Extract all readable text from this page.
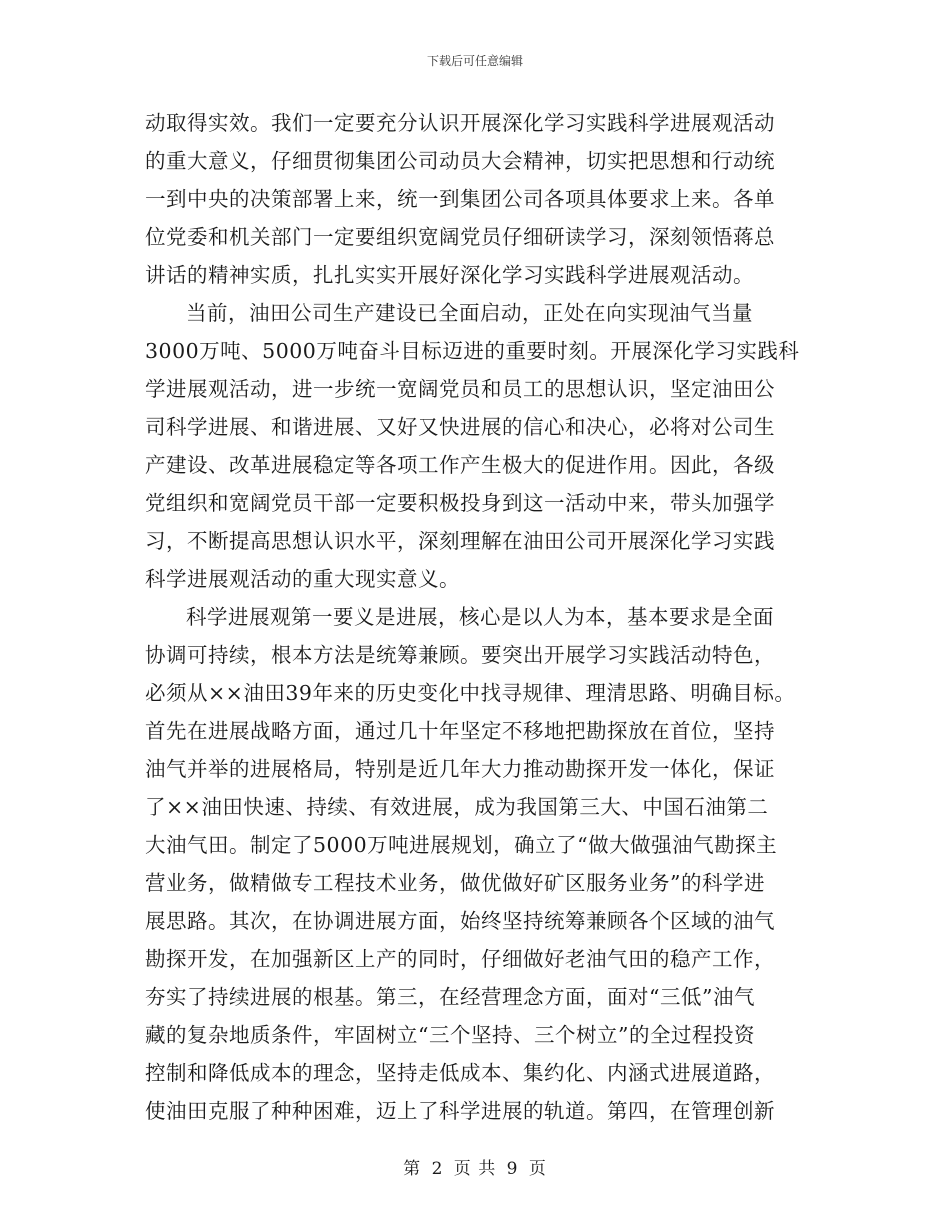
下载后可任意编辑
动取得实效。我们一定要充分认识开展深化学习实践科学进展观活动
的重大意义，仔细贯彻集团公司动员大会精神，切实把思想和行动统
一到中央的决策部署上来，统一到集团公司各项具体要求上来。各单
位党委和机关部门一定要组织宽阔党员仔细研读学习，深刻领悟蒋总
讲话的精神实质，扎扎实实开展好深化学习实践科学进展观活动。
当前，油田公司生产建设已全面启动，正处在向实现油气当量
3000万吨、5000万吨奋斗目标迈进的重要时刻。开展深化学习实践科
学进展观活动，进一步统一宽阔党员和员工的思想认识，坚定油田公
司科学进展、和谐进展、又好又快进展的信心和决心，必将对公司生
产建设、改革进展稳定等各项工作产生极大的促进作用。因此，各级
党组织和宽阔党员干部一定要积极投身到这一活动中来，带头加强学
习，不断提高思想认识水平，深刻理解在油田公司开展深化学习实践
科学进展观活动的重大现实意义。
科学进展观第一要义是进展，核心是以人为本，基本要求是全面
协调可持续，根本方法是统筹兼顾。要突出开展学习实践活动特色，
必须从××油田39年来的历史变化中找寻规律、理清思路、明确目标。
首先在进展战略方面，通过几十年坚定不移地把勘探放在首位，坚持
油气并举的进展格局，特别是近几年大力推动勘探开发一体化，保证
了××油田快速、持续、有效进展，成为我国第三大、中国石油第二
大油气田。制定了5000万吨进展规划，确立了“做大做强油气勘探主
营业务，做精做专工程技术业务，做优做好矿区服务业务”的科学进
展思路。其次，在协调进展方面，始终坚持统筹兼顾各个区域的油气
勘探开发，在加强新区上产的同时，仔细做好老油气田的稳产工作，
夯实了持续进展的根基。第三，在经营理念方面，面对“三低”油气
藏的复杂地质条件，牢固树立“三个坚持、三个树立”的全过程投资
控制和降低成本的理念，坚持走低成本、集约化、内涵式进展道路，
使油田克服了种种困难，迈上了科学进展的轨道。第四，在管理创新
第 2 页 共 9 页
